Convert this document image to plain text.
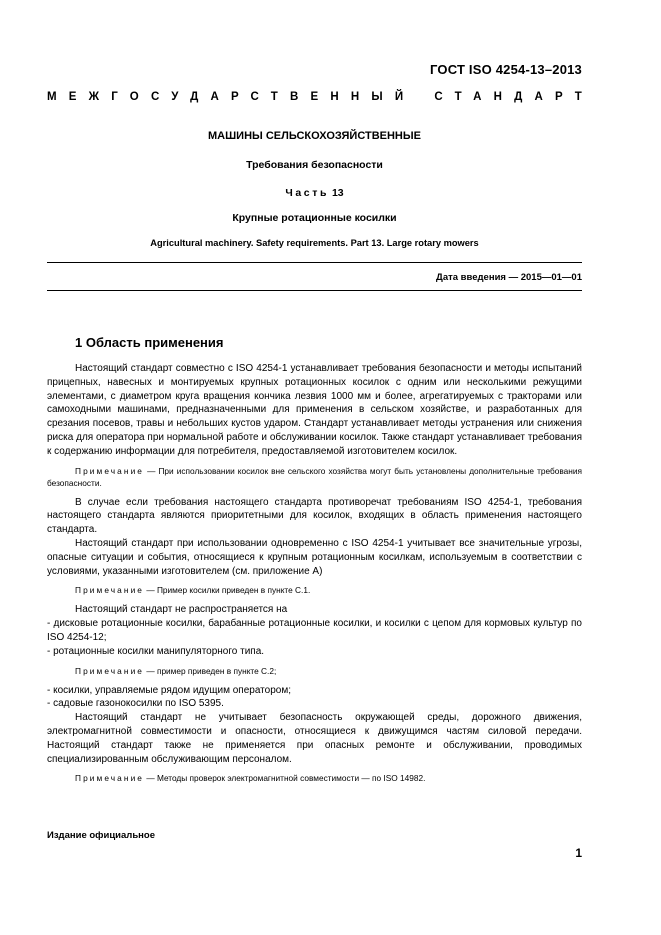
ГОСТ ISO 4254-13–2013
МЕЖГОСУДАРСТВЕННЫЙ СТАНДАРТ
МАШИНЫ СЕЛЬСКОХОЗЯЙСТВЕННЫЕ
Требования безопасности
Часть 13
Крупные ротационные косилки
Agricultural machinery. Safety requirements. Part 13. Large rotary mowers
Дата введения — 2015—01—01
1 Область применения

Настоящий стандарт совместно с ISO 4254-1 устанавливает требования безопасности и методы испытаний прицепных, навесных и монтируемых крупных ротационных косилок с одним или несколькими режущими элементами, с диаметром круга вращения кончика лезвия 1000 мм и более, агрегатируемых с тракторами или самоходными машинами, предназначенными для применения в сельском хозяйстве, и разработанных для срезания посевов, травы и небольших кустов ударом. Стандарт устанавливает методы устранения или снижения риска для оператора при нормальной работе и обслуживании косилок. Также стандарт устанавливает требования к содержанию информации для потребителя, предоставляемой изготовителем косилок.

Примечание — При использовании косилок вне сельского хозяйства могут быть установлены дополнительные требования безопасности.

В случае если требования настоящего стандарта противоречат требованиям ISO 4254-1, требования настоящего стандарта являются приоритетными для косилок, входящих в область применения настоящего стандарта.

Настоящий стандарт при использовании одновременно с ISO 4254-1 учитывает все значительные угрозы, опасные ситуации и события, относящиеся к крупным ротационным косилкам, используемым в соответствии с условиями, указанными изготовителем (см. приложение А)

Примечание — Пример косилки приведен в пункте С.1.

Настоящий стандарт не распространяется на

- дисковые ротационные косилки, барабанные ротационные косилки, и косилки с цепом для кормовых культур по ISO 4254-12;

- ротационные косилки манипуляторного типа.

Примечание — пример приведен в пункте С.2;

- косилки, управляемые рядом идущим оператором;

- садовые газонокосилки по ISO 5395.

Настоящий стандарт не учитывает безопасность окружающей среды, дорожного движения, электромагнитной совместимости и опасности, относящиеся к движущимся частям силовой передачи. Настоящий стандарт также не применяется при опасных ремонте и обслуживании, проводимых специализированным обслуживающим персоналом.

Примечание — Методы проверок электромагнитной совместимости — по ISO 14982.

Издание официальное
1
